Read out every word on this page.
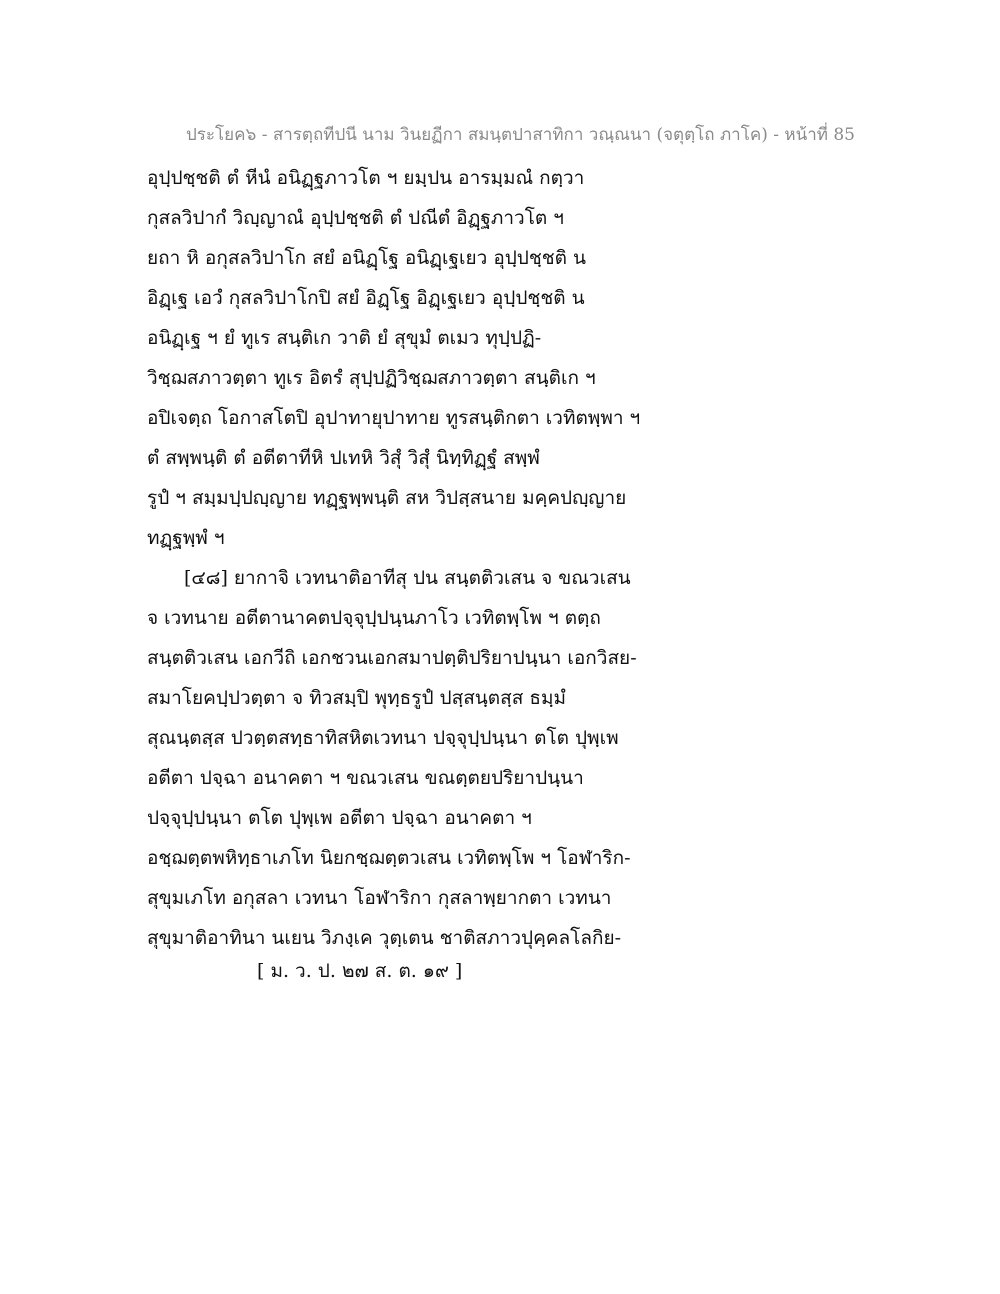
ประโยค๖ - สารตฺถทีปนี นาม วินยฏีกา สมนฺตปาสาทิกา วณฺณนา (จตุตฺโถ ภาโค) - หน้าที่ 85
อุปฺปชฺชติ ตํ หีนํ อนิฏฺฐภาวโต ฯ ยมฺปน อารมฺมณํ กตฺวา
กุสลวิปากํ วิญฺญาณํ อุปฺปชฺชติ ตํ ปณีตํ อิฏฺฐภาวโต ฯ
ยถา หิ อกุสลวิปาโก สยํ อนิฏฺโฐ อนิฏฺเฐเยว อุปฺปชฺชติ น
อิฏฺเฐ เอวํ กุสลวิปาโกปิ สยํ อิฏฺโฐ อิฏฺเฐเยว อุปฺปชฺชติ น
อนิฏฺเฐ ฯ ยํ ทูเร สนฺติเก วาติ ยํ สุขุมํ ตเมว ทุปฺปฏิ-
วิชฺฌสภาวตฺตา ทูเร อิตรํ สุปฺปฏิวิชฺฌสภาวตฺตา สนฺติเก ฯ
อปิเจตฺถ โอกาสโตปิ อุปาทายุปาทาย ทูรสนฺติกตา เวทิตพฺพา ฯ
ตํ สพฺพนฺติ ตํ อตีตาทีหิ ปเทหิ วิสุํ วิสุํ นิทฺทิฏฺฐํ สพฺพํ
รูปํ ฯ สมฺมปฺปญฺญาย ทฏฺฐพฺพนฺติ สห วิปสฺสนาย มคฺคปญฺญาย
ทฏฺฐพฺพํ ฯ
[๔๘] ยากาจิ เวทนาติอาทีสุ ปน สนฺตติวเสน จ ขณวเสน
จ เวทนาย อตีตานาคตปจฺจุปฺปนฺนภาโว เวทิตพฺโพ ฯ ตตฺถ
สนฺตติวเสน เอกวีถิ เอกชวนเอกสมาปตฺติปริยาปนฺนา เอกวิสย-
สมาโยคปฺปวตฺตา จ ทิวสมฺปิ พุทฺธรูปํ ปสฺสนฺตสฺส ธมฺมํ
สุณนฺตสฺส ปวตฺตสทฺธาทิสหิตเวทนา ปจฺจุปฺปนฺนา ตโต ปุพฺเพ
อตีตา ปจฺฉา อนาคตา ฯ ขณวเสน ขณตฺตยปริยาปนฺนา
ปจฺจุปฺปนฺนา ตโต ปุพฺเพ อตีตา ปจฺฉา อนาคตา ฯ
อชฺฌตฺตพหิทฺธาเภโท นิยกชฺฌตฺตวเสน เวทิตพฺโพ ฯ โอฬาริก-
สุขุมเภโท อกุสลา เวทนา โอฬาริกา กุสลาพฺยากตา เวทนา
สุขุมาติอาทินา นเยน วิภงฺเค วุตฺเตน ชาติสภาวปุคฺคลโลกิย-
[ ม. ว. ป. ๒๗ ส. ต. ๑๙ ]
